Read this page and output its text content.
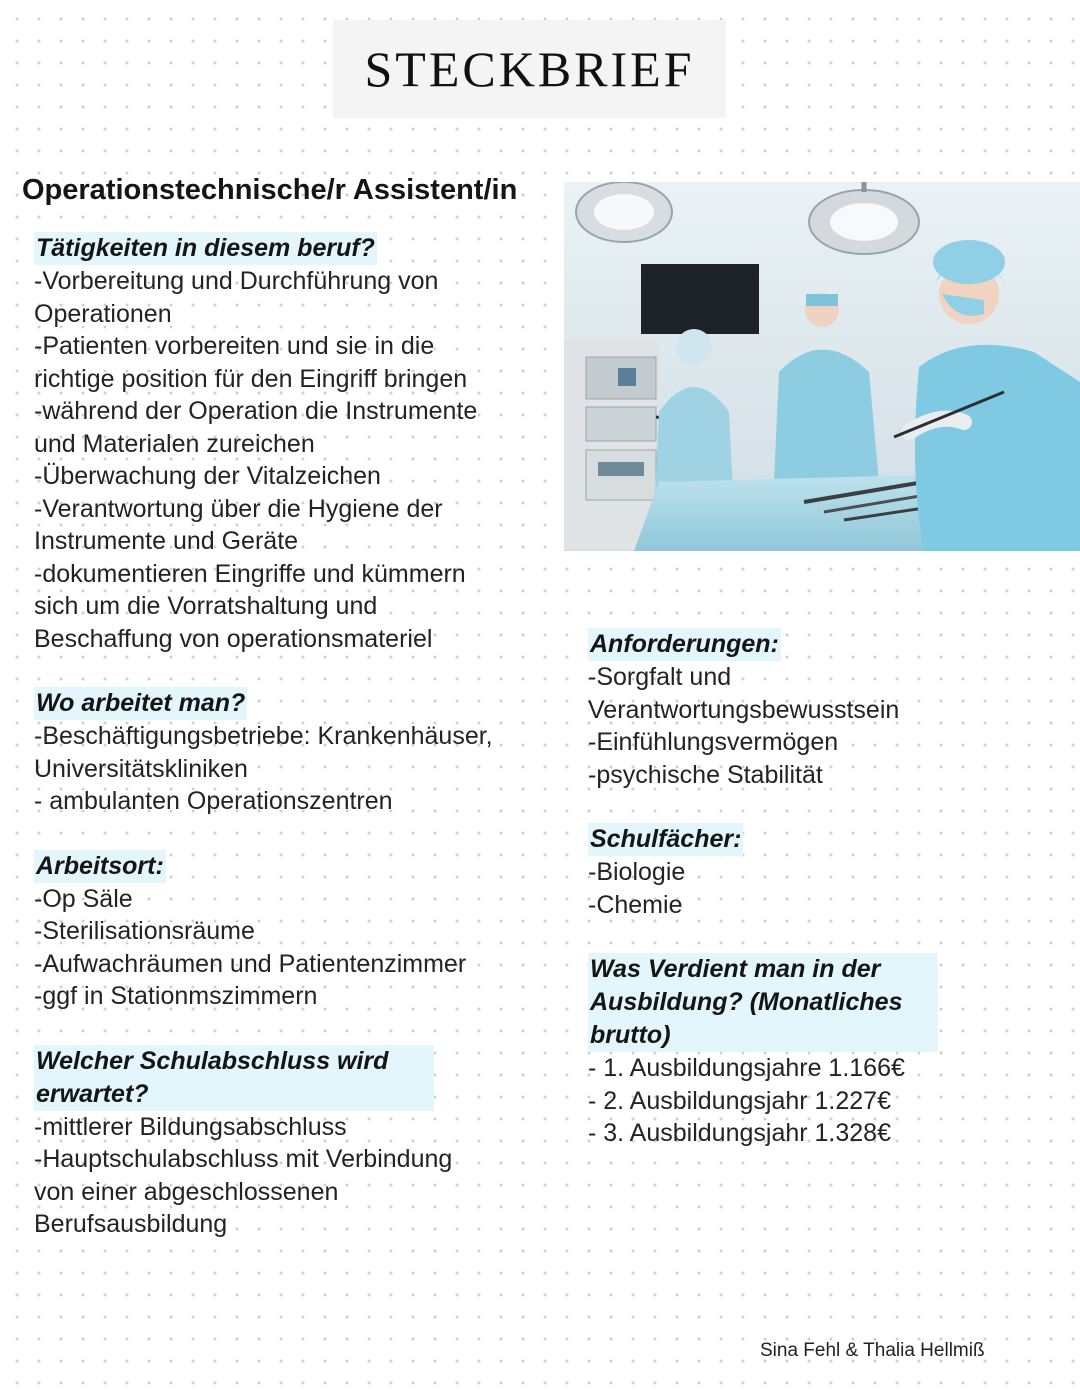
STECKBRIEF
Operationstechnische/r Assistent/in
Tätigkeiten in diesem beruf?

-Vorbereitung und Durchführung von

Operationen

-Patienten vorbereiten und sie in die

richtige position für den Eingriff bringen

-während der Operation die Instrumente

und Materialen zureichen

-Überwachung der Vitalzeichen

-Verantwortung über die Hygiene der

Instrumente und Geräte

-dokumentieren Eingriffe und kümmern

sich um die Vorratshaltung und

Beschaffung von operationsmateriel

Wo arbeitet man?

-Beschäftigungsbetriebe: Krankenhäuser,

Universitätskliniken

- ambulanten Operationszentren

Arbeitsort:

-Op Säle

-Sterilisationsräume

-Aufwachräumen und Patientenzimmer

-ggf in Stationmszimmern

Welcher Schulabschluss wird erwartet?

-mittlerer Bildungsabschluss

-Hauptschulabschluss mit Verbindung

von einer abgeschlossenen

Berufsausbildung

Anforderungen:

-Sorgfalt und

Verantwortungsbewusstsein

-Einfühlungsvermögen

-psychische Stabilität

Schulfächer:

-Biologie

-Chemie

Was Verdient man in der Ausbildung? (Monatliches brutto)

- 1. Ausbildungsjahre 1.166€

- 2. Ausbildungsjahr 1.227€

- 3. Ausbildungsjahr 1.328€

Sina Fehl & Thalia Hellmiß
